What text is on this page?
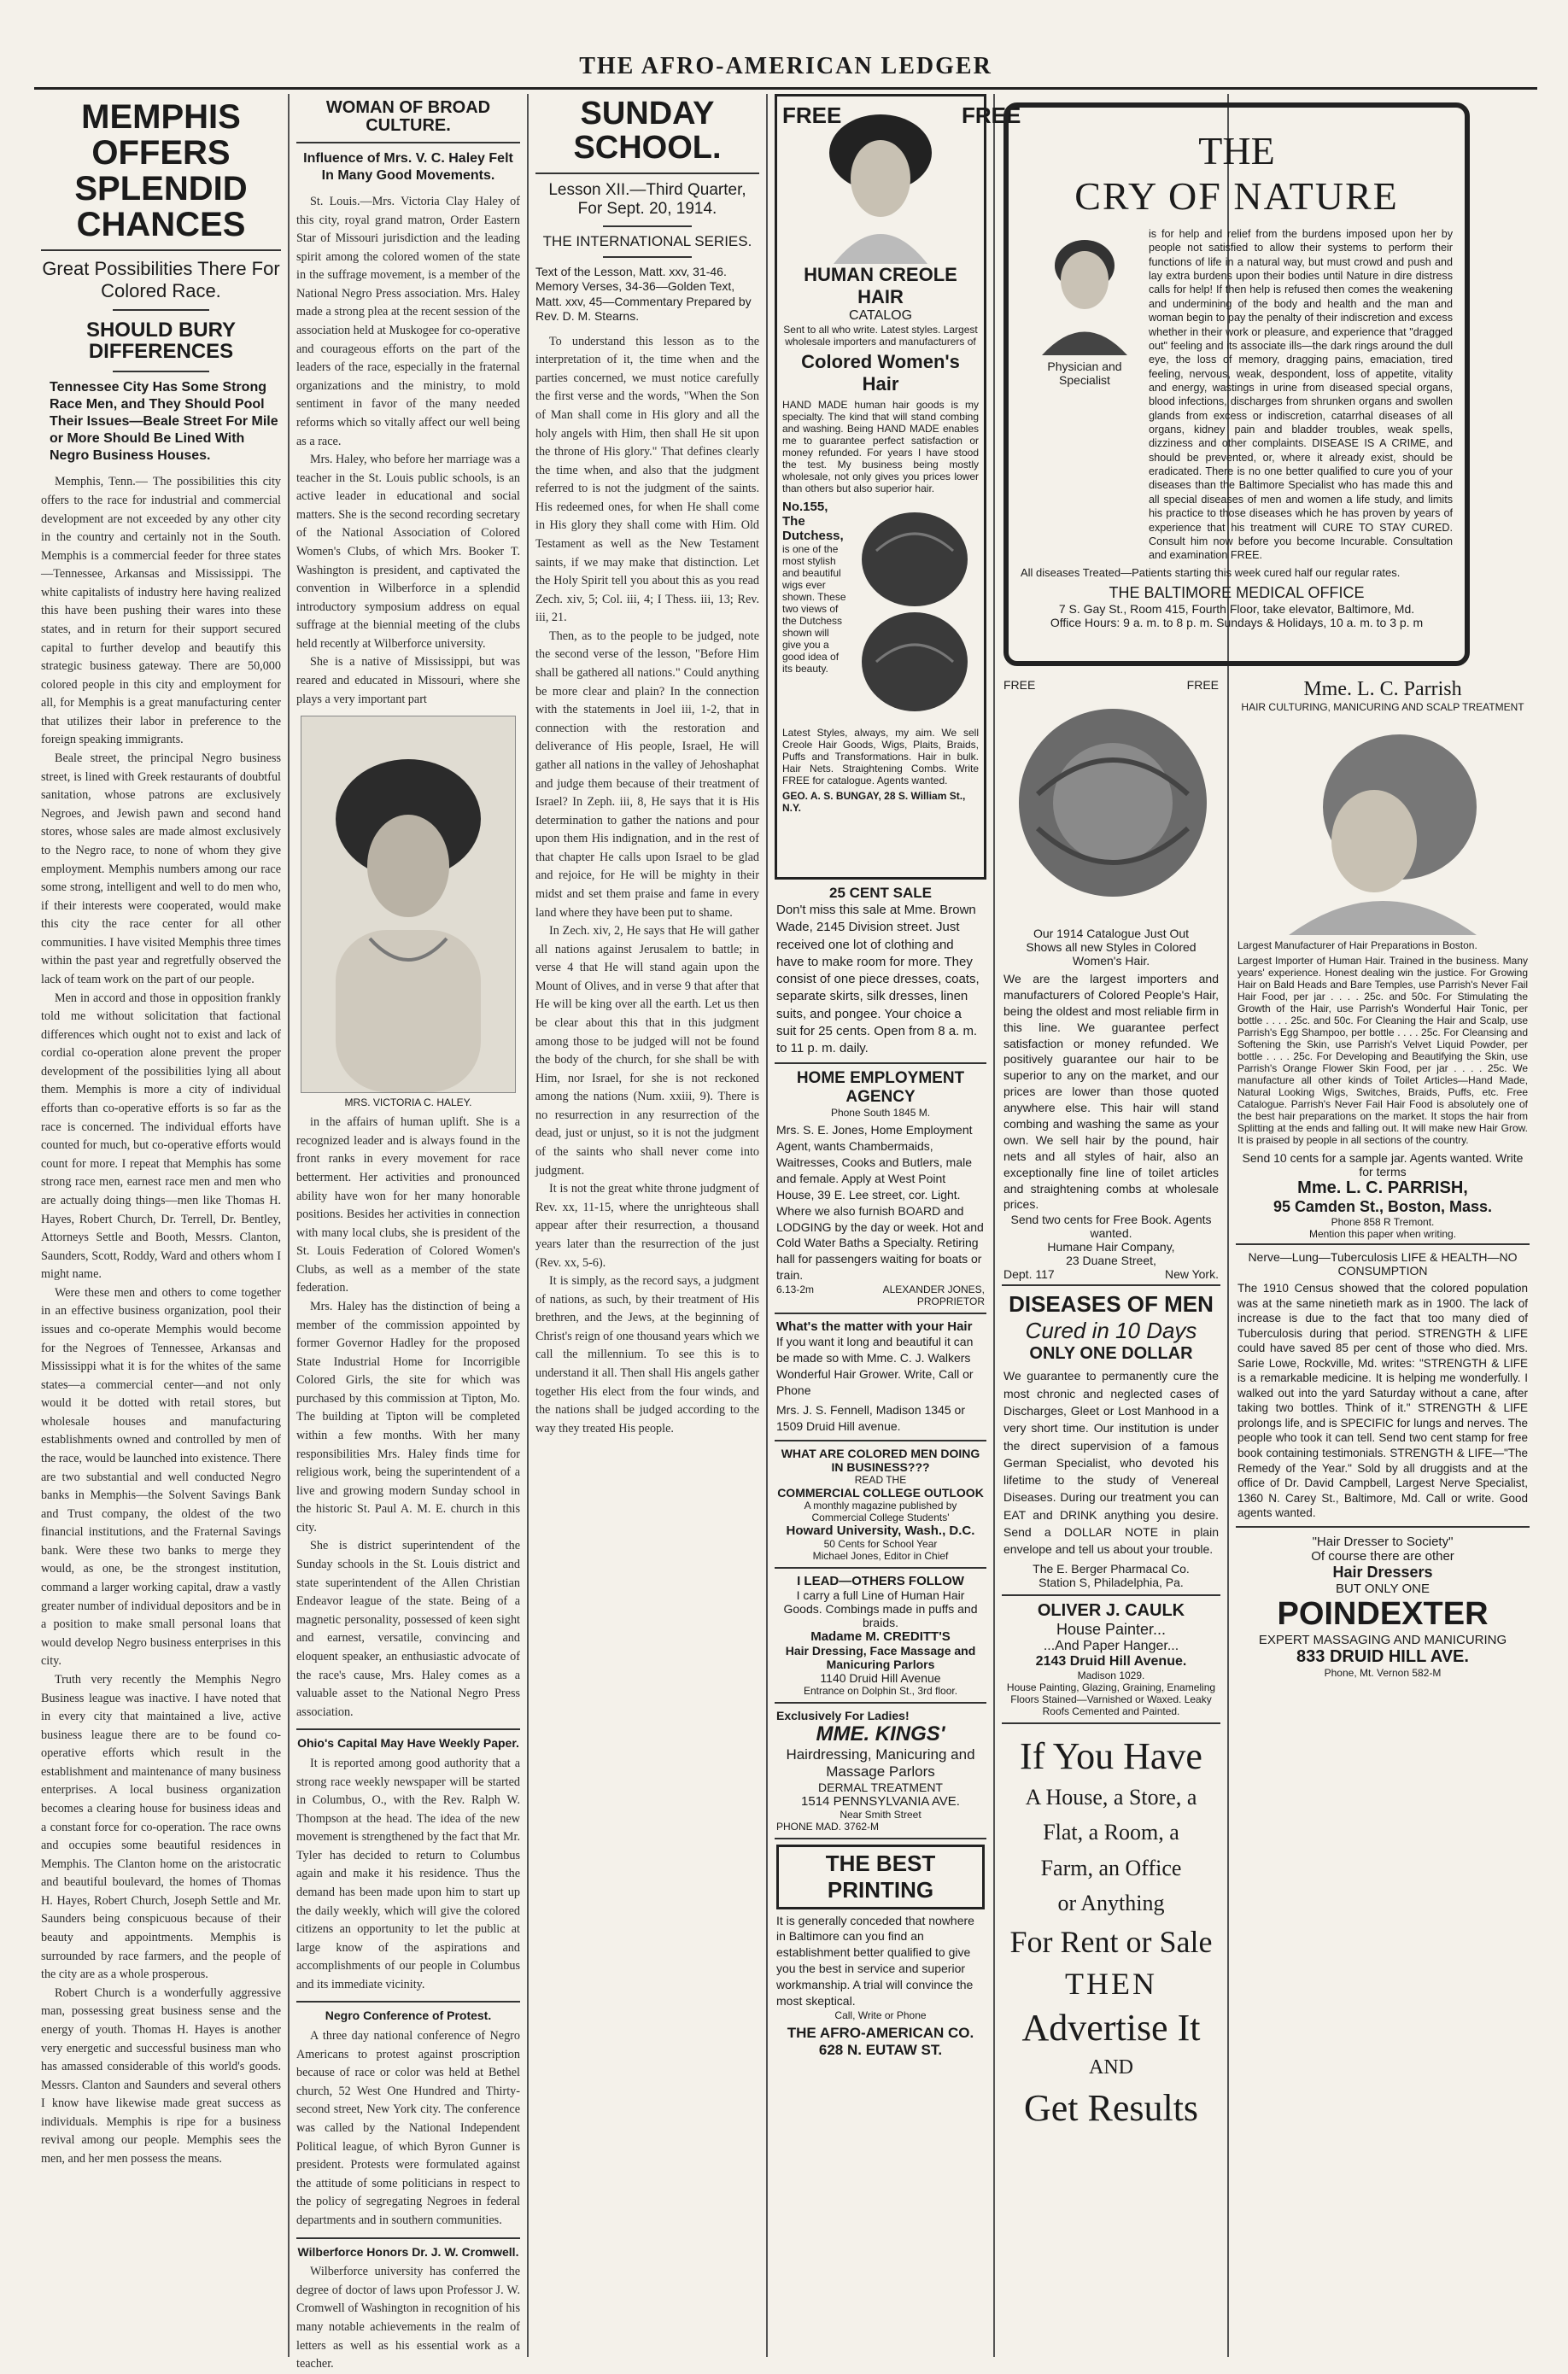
THE AFRO-AMERICAN LEDGER
MEMPHIS OFFERS
SPLENDID CHANCES
Great Possibilities There For Colored Race.
SHOULD BURY DIFFERENCES
Tennessee City Has Some Strong Race Men, and They Should Pool Their Issues—Beale Street For Mile or More Should Be Lined With Negro Business Houses.

Memphis, Tenn.— The possibilities this city offers to the race for industrial and commercial development are not exceeded by any other city in the country and certainly not in the South. Memphis is a commercial feeder for three states—Tennessee, Arkansas and Mississippi. The white capitalists of industry here having realized this have been pushing their wares into these states, and in return for their support secured capital to further develop and beautify this strategic business gateway. There are 50,000 colored people in this city and employment for all, for Memphis is a great manufacturing center that utilizes their labor in preference to the foreign speaking immigrants.

Beale street, the principal Negro business street, is lined with Greek restaurants of doubtful sanitation, whose patrons are exclusively Negroes, and Jewish pawn and second hand stores, whose sales are made almost exclusively to the Negro race, to none of whom they give employment. Memphis numbers among our race some strong, intelligent and well to do men who, if their interests were cooperated, would make this city the race center for all other communities. I have visited Memphis three times within the past year and regretfully observed the lack of team work on the part of our people.

Men in accord and those in opposition frankly told me without solicitation that factional differences which ought not to exist and lack of cordial co-operation alone prevent the proper development of the possibilities lying all about them. Memphis is more a city of individual efforts than co-operative efforts is so far as the race is concerned. The individual efforts have counted for much, but co-operative efforts would count for more. I repeat that Memphis has some strong race men, earnest race men and men who are actually doing things—men like Thomas H. Hayes, Robert Church, Dr. Terrell, Dr. Bentley, Attorneys Settle and Booth, Messrs. Clanton, Saunders, Scott, Roddy, Ward and others whom I might name.

Were these men and others to come together in an effective business organization, pool their issues and co-operate Memphis would become for the Negroes of Tennessee, Arkansas and Mississippi what it is for the whites of the same states—a commercial center—and not only would it be dotted with retail stores, but wholesale houses and manufacturing establishments owned and controlled by men of the race, would be launched into existence. There are two substantial and well conducted Negro banks in Memphis—the Solvent Savings Bank and Trust company, the oldest of the two financial institutions, and the Fraternal Savings bank. Were these two banks to merge they would, as one, be the strongest institution, command a larger working capital, draw a vastly greater number of individual depositors and be in a position to make small personal loans that would develop Negro business enterprises in this city.

Truth very recently the Memphis Negro Business league was inactive. I have noted that in every city that maintained a live, active business league there are to be found co-operative efforts which result in the establishment and maintenance of many business enterprises. A local business organization becomes a clearing house for business ideas and a constant force for co-operation. The race owns and occupies some beautiful residences in Memphis. The Clanton home on the aristocratic and beautiful boulevard, the homes of Thomas H. Hayes, Robert Church, Joseph Settle and Mr. Saunders being conspicuous because of their beauty and appointments. Memphis is surrounded by race farmers, and the people of the city are as a whole prosperous.

Robert Church is a wonderfully aggressive man, possessing great business sense and the energy of youth. Thomas H. Hayes is another very energetic and successful business man who has amassed considerable of this world's goods. Messrs. Clanton and Saunders and several others I know have likewise made great success as individuals. Memphis is ripe for a business revival among our people. Memphis sees the men, and her men possess the means.

WOMAN OF BROAD CULTURE.
Influence of Mrs. V. C. Haley Felt In Many Good Movements.

St. Louis.—Mrs. Victoria Clay Haley of this city, royal grand matron, Order Eastern Star of Missouri jurisdiction and the leading spirit among the colored women of the state in the suffrage movement, is a member of the National Negro Press association. Mrs. Haley made a strong plea at the recent session of the association held at Muskogee for co-operative and courageous efforts on the part of the leaders of the race, especially in the fraternal organizations and the ministry, to mold sentiment in favor of the many needed reforms which so vitally affect our well being as a race.

Mrs. Haley, who before her marriage was a teacher in the St. Louis public schools, is an active leader in educational and social matters. She is the second recording secretary of the National Association of Colored Women's Clubs, of which Mrs. Booker T. Washington is president, and captivated the convention in Wilberforce in a splendid introductory symposium address on equal suffrage at the biennial meeting of the clubs held recently at Wilberforce university.

She is a native of Mississippi, but was reared and educated in Missouri, where she plays a very important part

MRS. VICTORIA C. HALEY.

in the affairs of human uplift. She is a recognized leader and is always found in the front ranks in every movement for race betterment. Her activities and pronounced ability have won for her many honorable positions. Besides her activities in connection with many local clubs, she is president of the St. Louis Federation of Colored Women's Clubs, as well as a member of the state federation.

Mrs. Haley has the distinction of being a member of the commission appointed by former Governor Hadley for the proposed State Industrial Home for Incorrigible Colored Girls, the site for which was purchased by this commission at Tipton, Mo. The building at Tipton will be completed within a few months. With her many responsibilities Mrs. Haley finds time for religious work, being the superintendent of a live and growing modern Sunday school in the historic St. Paul A. M. E. church in this city.

She is district superintendent of the Sunday schools in the St. Louis district and state superintendent of the Allen Christian Endeavor league of the state. Being of a magnetic personality, possessed of keen sight and earnest, versatile, convincing and eloquent speaker, an enthusiastic advocate of the race's cause, Mrs. Haley comes as a valuable asset to the National Negro Press association.

Ohio's Capital May Have Weekly Paper.

It is reported among good authority that a strong race weekly newspaper will be started in Columbus, O., with the Rev. Ralph W. Thompson at the head. The idea of the new movement is strengthened by the fact that Mr. Tyler has decided to return to Columbus again and make it his residence. Thus the demand has been made upon him to start up the daily weekly, which will give the colored citizens an opportunity to let the public at large know of the aspirations and accomplishments of our people in Columbus and its immediate vicinity.

Negro Conference of Protest.

A three day national conference of Negro Americans to protest against proscription because of race or color was held at Bethel church, 52 West One Hundred and Thirty-second street, New York city. The conference was called by the National Independent Political league, of which Byron Gunner is president. Protests were formulated against the attitude of some politicians in respect to the policy of segregating Negroes in federal departments and in southern communities.

Wilberforce Honors Dr. J. W. Cromwell.

Wilberforce university has conferred the degree of doctor of laws upon Professor J. W. Cromwell of Washington in recognition of his many notable achievements in the realm of letters as well as his essential work as a teacher.

SUNDAY SCHOOL.
Lesson XII.—Third Quarter, For Sept. 20, 1914.
THE INTERNATIONAL SERIES.
Text of the Lesson, Matt. xxv, 31-46. Memory Verses, 34-36—Golden Text, Matt. xxv, 45—Commentary Prepared by Rev. D. M. Stearns.

To understand this lesson as to the interpretation of it, the time when and the parties concerned, we must notice carefully the first verse and the words, "When the Son of Man shall come in His glory and all the holy angels with Him, then shall He sit upon the throne of His glory." That defines clearly the time when, and also that the judgment referred to is not the judgment of the saints. His redeemed ones, for when He shall come in His glory they shall come with Him. Old Testament as well as the New Testament saints, if we may make that distinction. Let the Holy Spirit tell you about this as you read Zech. xiv, 5; Col. iii, 4; I Thess. iii, 13; Rev. iii, 21.

Then, as to the people to be judged, note the second verse of the lesson, "Before Him shall be gathered all nations." Could anything be more clear and plain? In the connection with the statements in Joel iii, 1-2, that in connection with the restoration and deliverance of His people, Israel, He will gather all nations in the valley of Jehoshaphat and judge them because of their treatment of Israel? In Zeph. iii, 8, He says that it is His determination to gather the nations and pour upon them His indignation, and in the rest of that chapter He calls upon Israel to be glad and rejoice, for He will be mighty in their midst and set them praise and fame in every land where they have been put to shame.

In Zech. xiv, 2, He says that He will gather all nations against Jerusalem to battle; in verse 4 that He will stand again upon the Mount of Olives, and in verse 9 that after that He will be king over all the earth. Let us then be clear about this that in this judgment among those to be judged will not be found the body of the church, for she shall be with Him, nor Israel, for she is not reckoned among the nations (Num. xxiii, 9). There is no resurrection in any resurrection of the dead, just or unjust, so it is not the judgment of the saints who shall never come into judgment.

It is not the great white throne judgment of Rev. xx, 11-15, where the unrighteous shall appear after their resurrection, a thousand years later than the resurrection of the just (Rev. xx, 5-6).

It is simply, as the record says, a judgment of nations, as such, by their treatment of His brethren, and the Jews, at the beginning of Christ's reign of one thousand years which we call the millennium. To see this is to understand it all. Then shall His angels gather together His elect from the four winds, and the nations shall be judged according to the way they treated His people.

FREE	FREE
HUMAN CREOLE HAIR
CATALOG
Sent to all who write. Latest styles. Largest wholesale importers and manufacturers of
Colored Women's Hair
HAND MADE human hair goods is my specialty. The kind that will stand combing and washing. Being HAND MADE enables me to guarantee perfect satisfaction or money refunded. For years I have stood the test. My business being mostly wholesale, not only gives you prices lower than others but also superior hair.
No.155, The Dutchess,
is one of the most stylish and beautiful wigs ever shown. These two views of the Dutchess shown will give you a good idea of its beauty.
Latest Styles, always, my aim. We sell Creole Hair Goods, Wigs, Plaits, Braids, Puffs and Transformations. Hair in bulk. Hair Nets. Straightening Combs. Write FREE for catalogue. Agents wanted.
GEO. A. S. BUNGAY, 28 S. William St., N.Y.
25 CENT SALE
Don't miss this sale at Mme. Brown Wade, 2145 Division street. Just received one lot of clothing and have to make room for more. They consist of one piece dresses, coats, separate skirts, silk dresses, linen suits, and pongee. Your choice a suit for 25 cents. Open from 8 a. m. to 11 p. m. daily.
HOME EMPLOYMENT AGENCY
Phone South 1845 M.
Mrs. S. E. Jones, Home Employment Agent, wants Chambermaids, Waitresses, Cooks and Butlers, male and female. Apply at West Point House, 39 E. Lee street, cor. Light. Where we also furnish BOARD and LODGING by the day or week. Hot and Cold Water Baths a Specialty. Retiring hall for passengers waiting for boats or train.
6.13-2m	ALEXANDER JONES,
PROPRIETOR
What's the matter with your Hair
If you want it long and beautiful it can be made so with Mme. C. J. Walkers Wonderful Hair Grower. Write, Call or Phone
Mrs. J. S. Fennell, Madison 1345 or 1509 Druid Hill avenue.
WHAT ARE COLORED MEN DOING IN BUSINESS???
READ THE
COMMERCIAL COLLEGE OUTLOOK
A monthly magazine published by Commercial College Students'
Howard University, Wash., D.C.
50 Cents for School Year
Michael Jones, Editor in Chief
I LEAD—OTHERS FOLLOW
I carry a full Line of Human Hair Goods. Combings made in puffs and braids.
Madame M. CREDITT'S
Hair Dressing, Face Massage and Manicuring Parlors
1140 Druid Hill Avenue
Entrance on Dolphin St., 3rd floor.
Exclusively For Ladies!
MME. KINGS'
Hairdressing, Manicuring and Massage Parlors
DERMAL TREATMENT
1514 PENNSYLVANIA AVE.
Near Smith Street
PHONE MAD. 3762-M
THE BEST PRINTING
It is generally conceded that nowhere in Baltimore can you find an establishment better qualified to give you the best in service and superior workmanship. A trial will convince the most skeptical.
Call, Write or Phone
THE AFRO-AMERICAN CO.
628 N. EUTAW ST.
THE
CRY OF NATURE
Physician and
Specialist
is for help and relief from the burdens imposed upon her by people not satisfied to allow their systems to perform their functions of life in a natural way, but must crowd and push and lay extra burdens upon their bodies until Nature in dire distress calls for help! If then help is refused then comes the weakening and undermining of the body and health and the man and woman begin to pay the penalty of their indiscretion and excess whether in their work or pleasure, and experience that "dragged out" feeling and its associate ills—the dark rings around the dull eye, the loss of memory, dragging pains, emaciation, tired feeling, nervous, weak, despondent, loss of appetite, vitality and energy, wastings in urine from diseased special organs, blood infections, discharges from shrunken organs and swollen glands from excess or indiscretion, catarrhal diseases of all organs, kidney pain and bladder troubles, weak spells, dizziness and other complaints. DISEASE IS A CRIME, and should be prevented, or, where it already exist, should be eradicated. There is no one better qualified to cure you of your diseases than the Baltimore Specialist who has made this and all special diseases of men and women a life study, and limits his practice to those diseases which he has proven by years of experience that his treatment will CURE TO STAY CURED. Consult him now before you become Incurable. Consultation and examination FREE.
All diseases Treated—Patients starting this week cured half our regular rates.
THE BALTIMORE MEDICAL OFFICE
7 S. Gay St., Room 415, Fourth Floor, take elevator, Baltimore, Md.
Office Hours: 9 a. m. to 8 p. m. Sundays & Holidays, 10 a. m. to 3 p. m
FREE	FREE
Our 1914 Catalogue Just Out
Shows all new Styles in Colored Women's Hair.
We are the largest importers and manufacturers of Colored People's Hair, being the oldest and most reliable firm in this line. We guarantee perfect satisfaction or money refunded. We positively guarantee our hair to be superior to any on the market, and our prices are lower than those quoted anywhere else. This hair will stand combing and washing the same as your own. We sell hair by the pound, hair nets and all styles of hair, also an exceptionally fine line of toilet articles and straightening combs at wholesale prices.
Send two cents for Free Book. Agents wanted.
Humane Hair Company,
23 Duane Street,
Dept. 117	New York.
DISEASES OF MEN
Cured in 10 Days
ONLY ONE DOLLAR
We guarantee to permanently cure the most chronic and neglected cases of Discharges, Gleet or Lost Manhood in a very short time. Our institution is under the direct supervision of a famous German Specialist, who devoted his lifetime to the study of Venereal Diseases. During our treatment you can EAT and DRINK anything you desire. Send a DOLLAR NOTE in plain envelope and tell us about your trouble.
The E. Berger Pharmacal Co.
Station S, Philadelphia, Pa.
OLIVER J. CAULK
House Painter...
...And Paper Hanger...
2143 Druid Hill Avenue.
Madison 1029.
House Painting, Glazing, Graining, Enameling Floors Stained—Varnished or Waxed. Leaky Roofs Cemented and Painted.
If You Have
A House, a Store, a
Flat, a Room, a
Farm, an Office
or Anything
For Rent or Sale
THEN
Advertise It
AND
Get Results
Mme. L. C. Parrish
HAIR CULTURING, MANICURING AND SCALP TREATMENT
Largest Manufacturer of Hair Preparations in Boston.
Largest Importer of Human Hair. Trained in the business. Many years' experience. Honest dealing win the justice. For Growing Hair on Bald Heads and Bare Temples, use Parrish's Never Fail Hair Food, per jar . . . . 25c. and 50c. For Stimulating the Growth of the Hair, use Parrish's Wonderful Hair Tonic, per bottle . . . . 25c. and 50c. For Cleaning the Hair and Scalp, use Parrish's Egg Shampoo, per bottle . . . . 25c. For Cleansing and Softening the Skin, use Parrish's Velvet Liquid Powder, per bottle . . . . 25c. For Developing and Beautifying the Skin, use Parrish's Orange Flower Skin Food, per jar . . . . 25c. We manufacture all other kinds of Toilet Articles—Hand Made, Natural Looking Wigs, Switches, Braids, Puffs, etc. Free Catalogue. Parrish's Never Fail Hair Food is absolutely one of the best hair preparations on the market. It stops the hair from Splitting at the ends and falling out. It will make new Hair Grow. It is praised by people in all sections of the country.
Send 10 cents for a sample jar. Agents wanted. Write for terms
Mme. L. C. PARRISH,
95 Camden St., Boston, Mass.
Phone 858 R Tremont.
Mention this paper when writing.
Nerve—Lung—Tuberculosis LIFE & HEALTH—NO CONSUMPTION
The 1910 Census showed that the colored population was at the same ninetieth mark as in 1900. The lack of increase is due to the fact that too many died of Tuberculosis during that period. STRENGTH & LIFE could have saved 85 per cent of those who died. Mrs. Sarie Lowe, Rockville, Md. writes: "STRENGTH & LIFE is a remarkable medicine. It is helping me wonderfully. I walked out into the yard Saturday without a cane, after taking two bottles. Think of it." STRENGTH & LIFE prolongs life, and is SPECIFIC for lungs and nerves. The people who took it can tell. Send two cent stamp for free book containing testimonials. STRENGTH & LIFE—"The Remedy of the Year." Sold by all druggists and at the office of Dr. David Campbell, Largest Nerve Specialist, 1360 N. Carey St., Baltimore, Md. Call or write. Good agents wanted.
"Hair Dresser to Society"
Of course there are other
Hair Dressers
BUT ONLY ONE
POINDEXTER
EXPERT MASSAGING AND MANICURING
833 DRUID HILL AVE.
Phone, Mt. Vernon 582-M
